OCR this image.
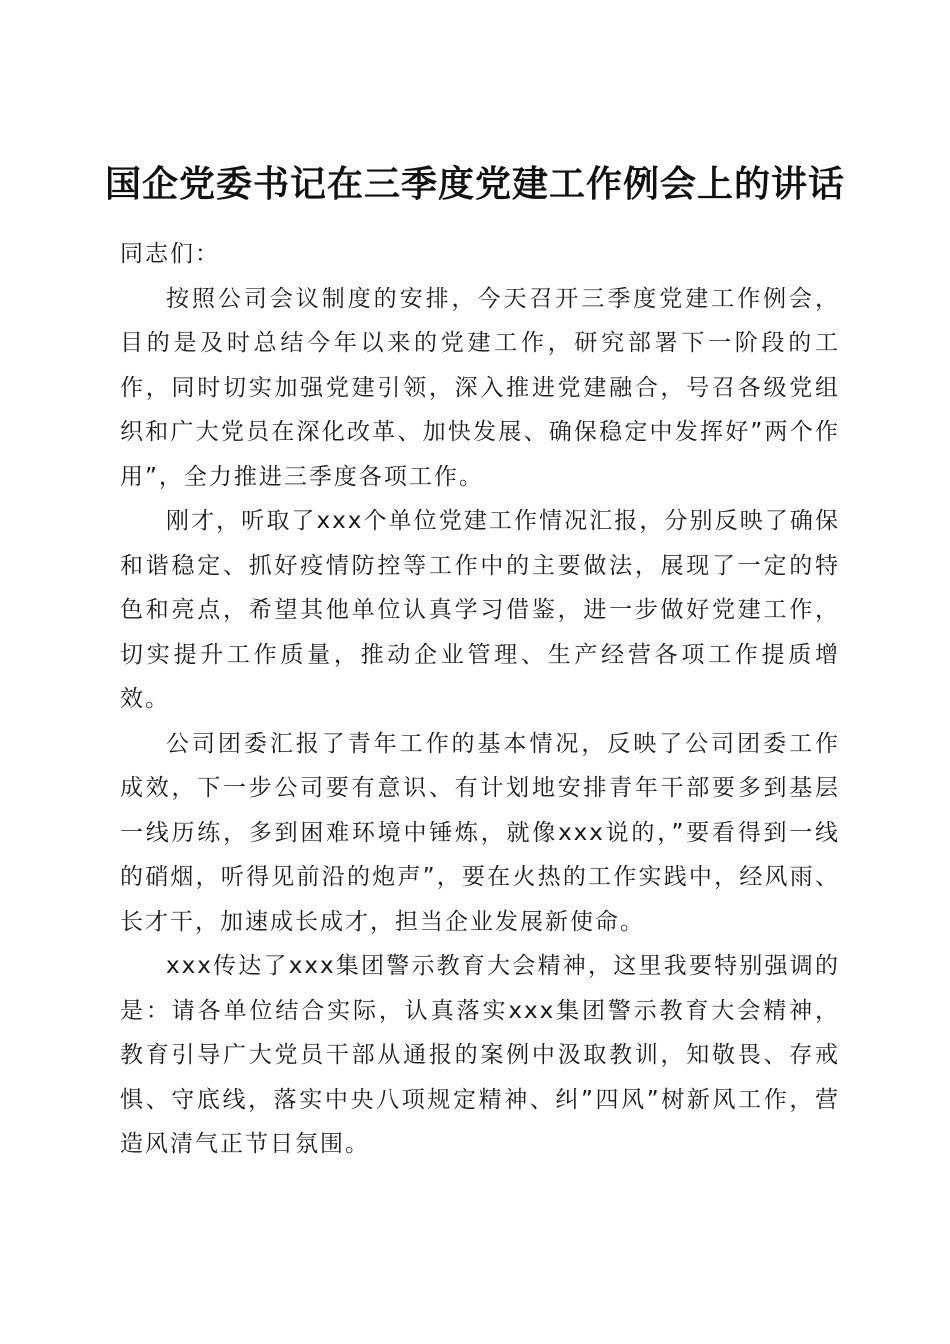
国企党委书记在三季度党建工作例会上的讲话

同志们：

按照公司会议制度的安排，今天召开三季度党建工作例会，目的是及时总结今年以来的党建工作，研究部署下一阶段的工作，同时切实加强党建引领，深入推进党建融合，号召各级党组织和广大党员在深化改革、加快发展、确保稳定中发挥好”两个作用”，全力推进三季度各项工作。

刚才，听取了xxx个单位党建工作情况汇报，分别反映了确保和谐稳定、抓好疫情防控等工作中的主要做法，展现了一定的特色和亮点，希望其他单位认真学习借鉴，进一步做好党建工作，切实提升工作质量，推动企业管理、生产经营各项工作提质增效。

公司团委汇报了青年工作的基本情况，反映了公司团委工作成效，下一步公司要有意识、有计划地安排青年干部要多到基层一线历练，多到困难环境中锤炼，就像xxx说的，”要看得到一线的硝烟，听得见前沿的炮声”，要在火热的工作实践中，经风雨、长才干，加速成长成才，担当企业发展新使命。

xxx传达了xxx集团警示教育大会精神，这里我要特别强调的是：请各单位结合实际，认真落实xxx集团警示教育大会精神，教育引导广大党员干部从通报的案例中汲取教训，知敬畏、存戒惧、守底线，落实中央八项规定精神、纠”四风”树新风工作，营造风清气正节日氛围。
